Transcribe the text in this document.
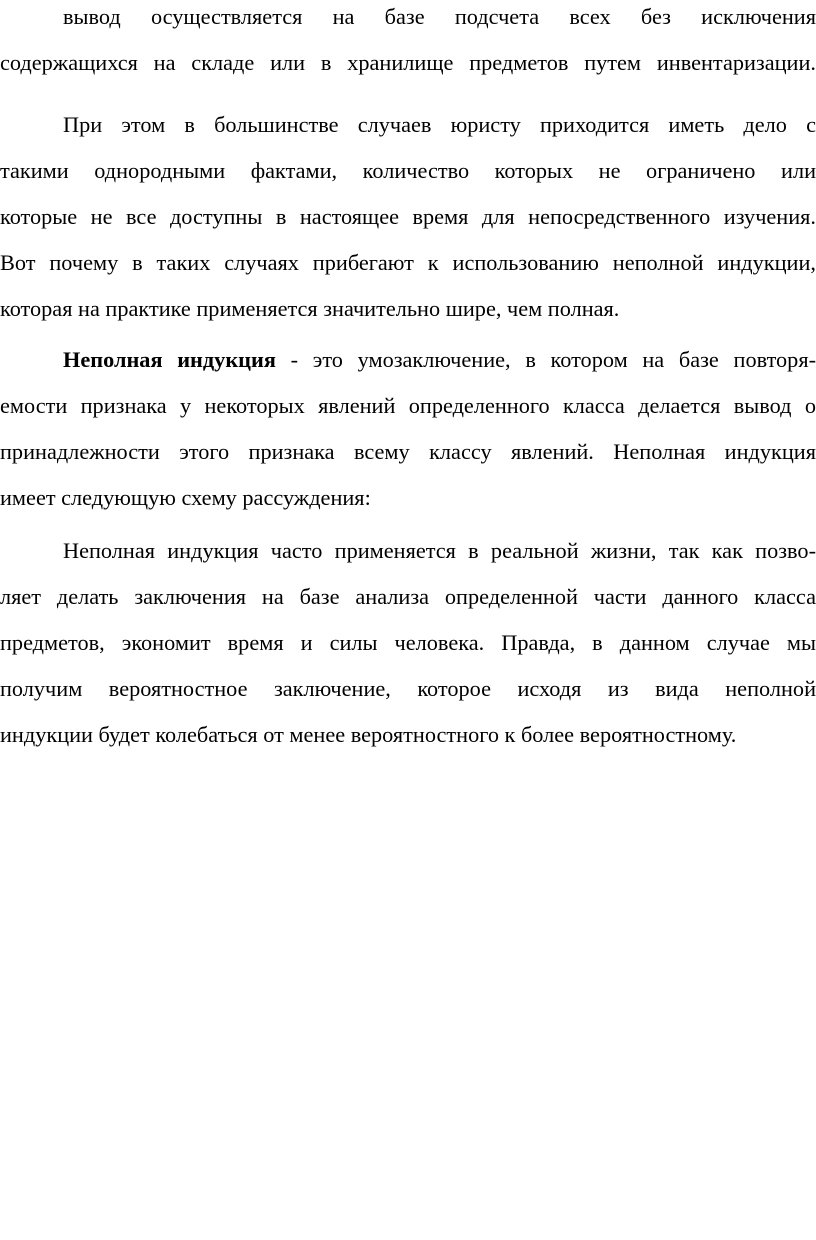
вывод осуществляется на базе подсчета всех без исключения
содержащихся на складе или в хранилище предметов путем инвентаризации.
При этом в большинстве случаев юристу приходится иметь дело с
такими однородными фактами, количество которых не ограничено или
которые не все доступны в настоящее время для непосредственного изучения.
Вот почему в таких случаях прибегают к использованию неполной индукции,
которая на практике применяется значительно шире, чем полная.
Неполная индукция - это умозаключение, в котором на базе повторя-
емости признака у некоторых явлений определенного класса делается вывод о
принадлежности этого признака всему классу явлений. Неполная индукция
имеет следующую схему рассуждения:
Неполная индукция часто применяется в реальной жизни, так как позво-
ляет делать заключения на базе анализа определенной части данного класса
предметов, экономит время и силы человека. Правда, в данном случае мы
получим вероятностное заключение, которое исходя из вида неполной
индукции будет колебаться от менее вероятностного к более вероятностному.
